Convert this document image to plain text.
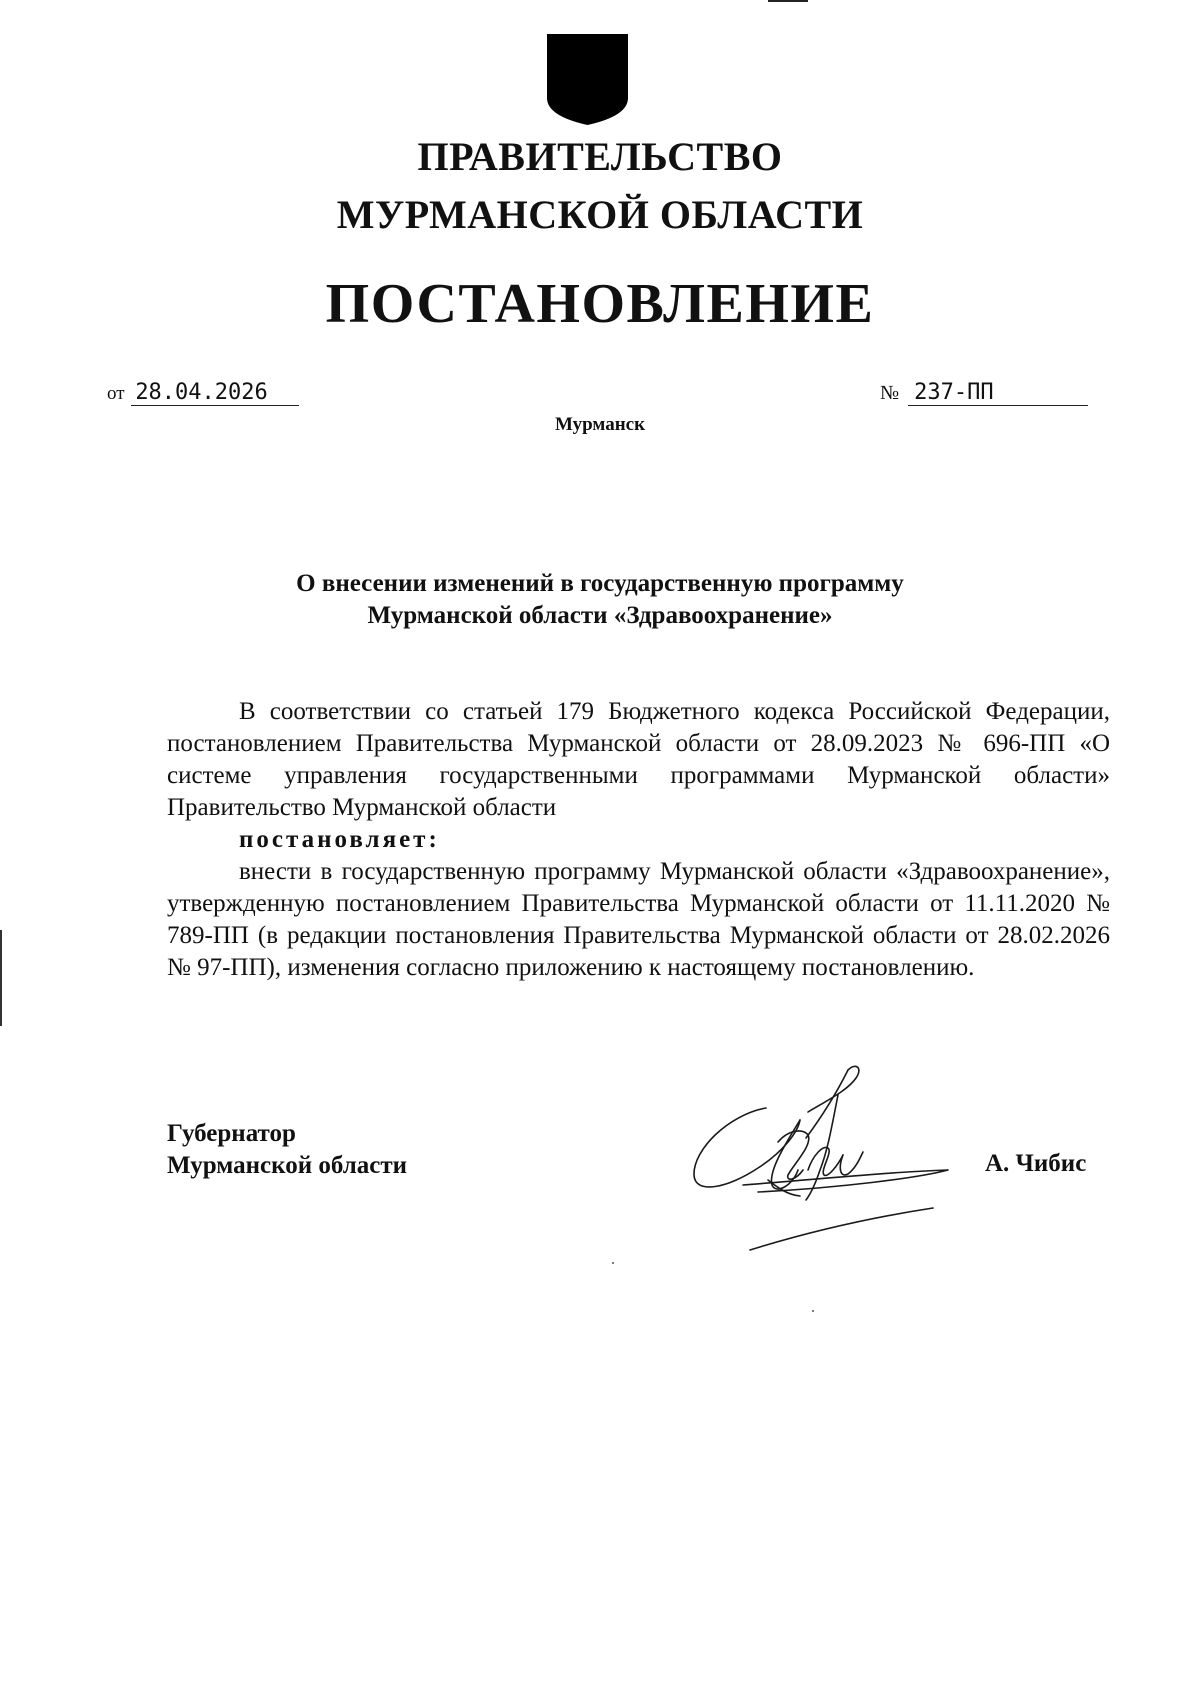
ПРАВИТЕЛЬСТВО
МУРМАНСКОЙ ОБЛАСТИ
ПОСТАНОВЛЕНИЕ
от 28.04.2026	№ 237-ПП
Мурманск
О внесении изменений в государственную программу
Мурманской области «Здравоохранение»

В соответствии со статьей 179 Бюджетного кодекса Российской Федерации, постановлением Правительства Мурманской области от 28.09.2023 № 696-ПП «О системе управления государственными программами Мурманской области» Правительство Мурманской области

постановляет:

внести в государственную программу Мурманской области «Здравоохранение», утвержденную постановлением Правительства Мурманской области от 11.11.2020 № 789-ПП (в редакции постановления Правительства Мурманской области от 28.02.2026 № 97-ПП), изменения согласно приложению к настоящему постановлению.

Губернатор
Мурманской области	А. Чибис
